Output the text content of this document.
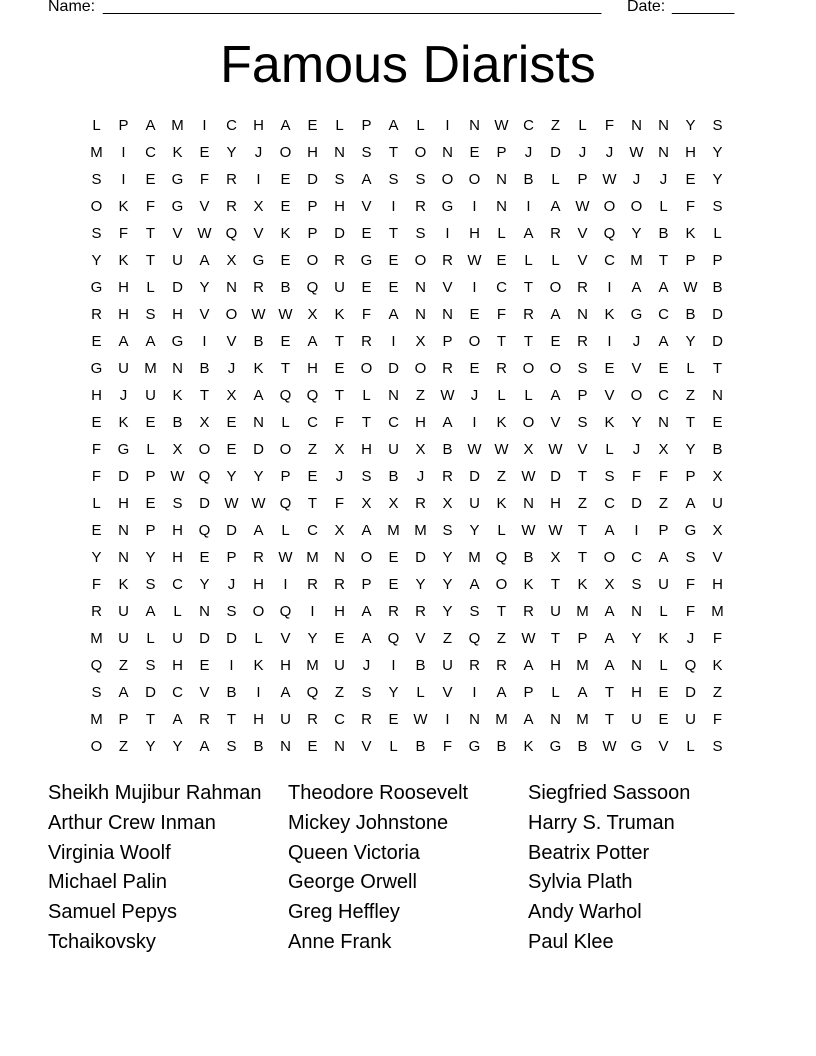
Name: ________________________________________________________ Date: _______
Famous Diarists
L	P	A	M	I	C	H	A	E	L	P	A	L	I	N W C	Z	L	F	N	N	Y	S
M	I	C	K	E	Y	J	O	H	N	S	T	O	N	E	P	J	D	J	J	W N	H	Y
S	I	E	G	F	R	I	E	D	S	A	S	S	O	O	N	B	L	P W	J	J	E	Y
O	K	F	G	V	R	X	E	P	H	V	I	R	G	I	N	I	A W O	O	L	F	S
S	F	T	V W Q	V	K	P	D	E	T	S	I	H	L	A	R	V	Q	Y	B	K	L
Y	K	T	U	A	X	G	E	O	R	G	E	O	R W E	L	L	V	C	M	T	P	P
G	H	L	D	Y	N	R	B	Q	U	E	E	N	V	I	C	T	O	R	I	A	A W B
R	H	S	H	V	O W W X	K	F	A	N	N	E	F	R	A	N	K	G	C	B	D
E	A	A	G	I	V	B	E	A	T	R	I	X	P	O	T	T	E	R	I	J	A	Y	D
G	U	M	N	B	J	K	T	H	E	O	D	O	R	E	R	O	O	S	E	V	E	L	T
H	J	U	K	T	X	A	Q	Q	T	L	N	Z	W	J	L	L	A	P	V	O	C	Z	N
E	K	E	B	X	E	N	L	C	F	T	C	H	A	I	K	O	V	S	K	Y	N	T	E
F	G	L	X	O	E	D	O	Z	X	H	U	X	B W W X W V	L	J	X	Y	B
F	D	P W Q	Y	Y	P	E	J	S	B	J	R	D	Z	W D	T	S	F	F	P	X
L	H	E	S	D W W Q	T	F	X	X	R	X	U	K	N	H	Z	C	D	Z	A	U
E	N	P	H	Q	D	A	L	C	X	A	M M	S	Y	L	W W	T	A	I	P	G	X
Y	N	Y	H	E	P	R W M	N	O	E	D	Y	M Q	B	X	T	O	C	A	S	V
F	K	S	C	Y	J	H	I	R	R	P	E	Y	Y	A	O	K	T	K	X	S	U	F	H
R	U	A	L	N	S	O	Q	I	H	A	R	R	Y	S	T	R	U	M	A	N	L	F	M
M	U	L	U	D	D	L	V	Y	E	A	Q	V	Z	Q	Z	W	T	P	A	Y	K	J	F
Q	Z	S	H	E	I	K	H	M	U	J	I	B	U	R	R	A	H	M	A	N	L	Q	K
S	A	D	C	V	B	I	A	Q	Z	S	Y	L	V	I	A	P	L	A	T	H	E	D	Z
M	P	T	A	R	T	H	U	R	C	R	E W	I	N	M	A	N	M	T	U	E	U	F
O	Z	Y	Y	A	S	B	N	E	N	V	L	B	F	G	B	K	G	B W G	V	L	S
Sheikh Mujibur Rahman	Theodore Roosevelt	Siegfried Sassoon
Arthur Crew Inman	Mickey Johnstone	Harry S. Truman
Virginia Woolf	Queen Victoria	Beatrix Potter
Michael Palin	George Orwell	Sylvia Plath
Samuel Pepys	Greg Heffley	Andy Warhol
Tchaikovsky	Anne Frank	Paul Klee
